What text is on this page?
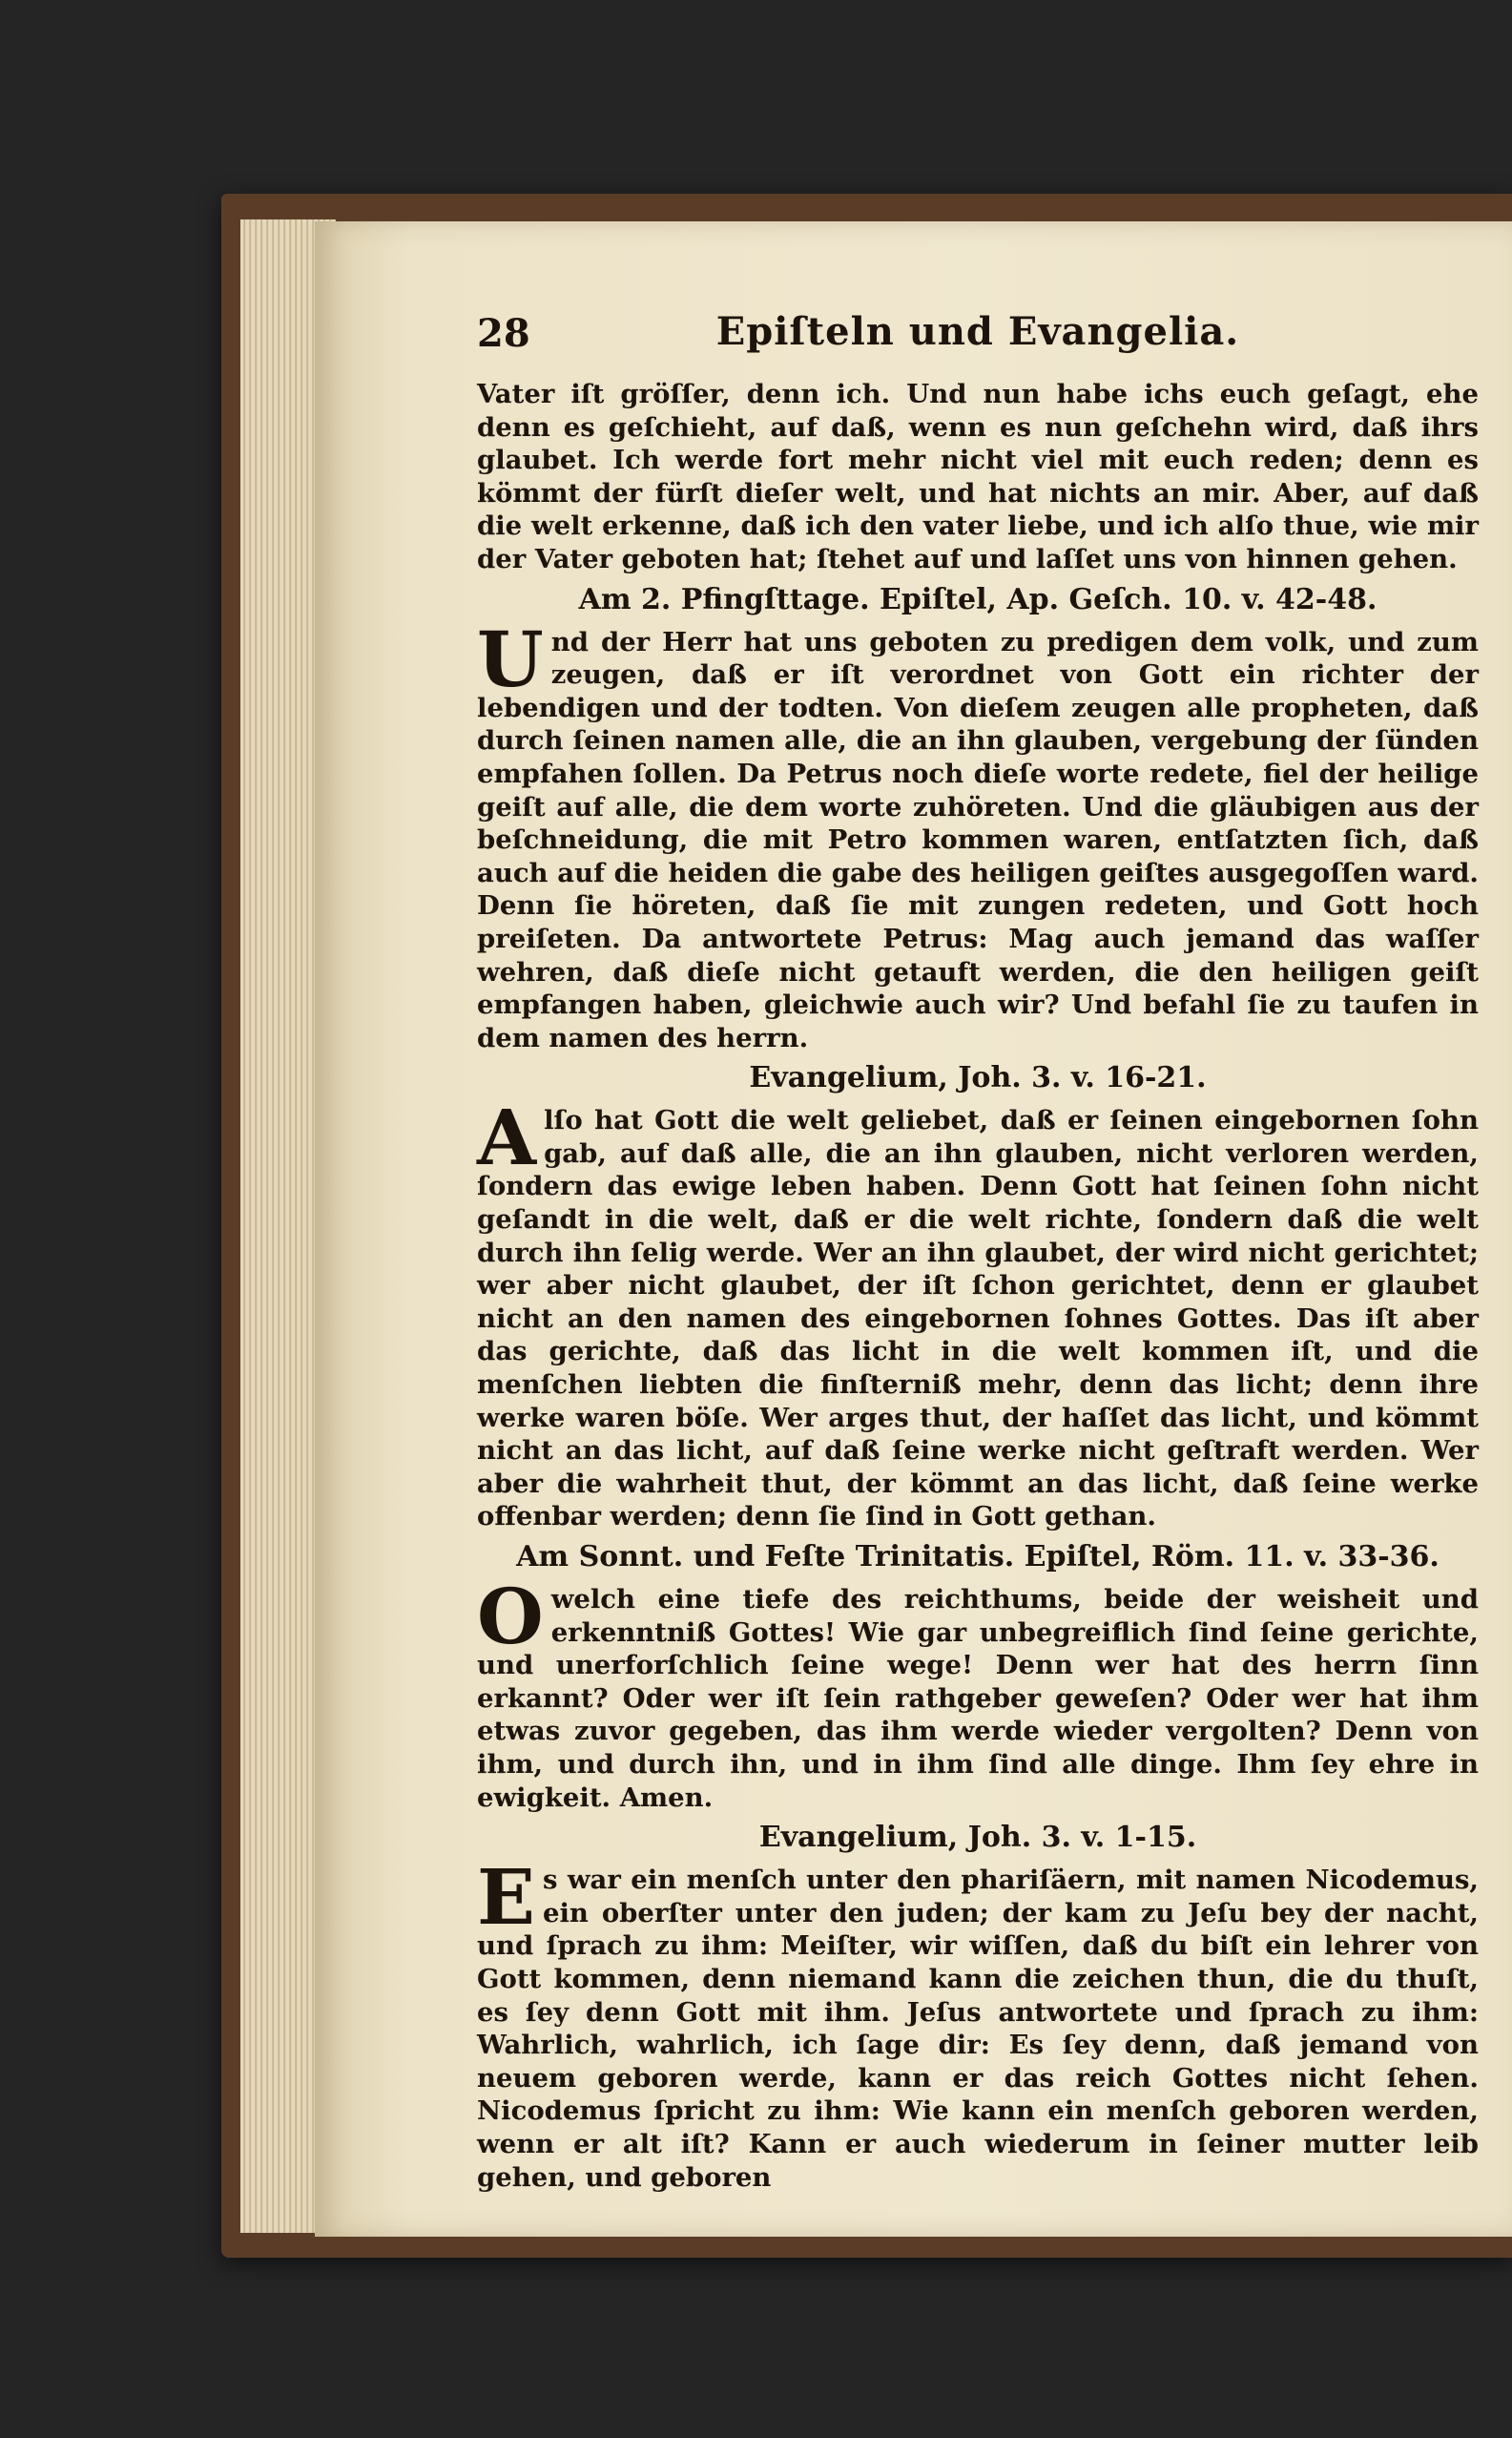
28	Epiſteln und Evangelia.

Vater iſt gröſſer, denn ich. Und nun habe ichs euch geſagt, ehe denn es geſchieht, auf daß, wenn es nun geſchehn wird, daß ihrs glaubet. Ich werde fort mehr nicht viel mit euch reden; denn es kömmt der fürſt dieſer welt, und hat nichts an mir. Aber, auf daß die welt erkenne, daß ich den vater liebe, und ich alſo thue, wie mir der Vater geboten hat; ſtehet auf und laſſet uns von hinnen gehen.

Am 2. Pfingſttage. Epiſtel, Ap. Geſch. 10. v. 42-48.

Und der Herr hat uns geboten zu predigen dem volk, und zum zeugen, daß er iſt verordnet von Gott ein richter der lebendigen und der todten. Von dieſem zeugen alle propheten, daß durch ſeinen namen alle, die an ihn glauben, vergebung der ſünden empfahen ſollen. Da Petrus noch dieſe worte redete, fiel der heilige geiſt auf alle, die dem worte zuhöreten. Und die gläubigen aus der beſchneidung, die mit Petro kommen waren, entſatzten ſich, daß auch auf die heiden die gabe des heiligen geiſtes ausgegoſſen ward. Denn ſie höreten, daß ſie mit zungen redeten, und Gott hoch preiſeten. Da antwortete Petrus: Mag auch jemand das waſſer wehren, daß dieſe nicht getauft werden, die den heiligen geiſt empfangen haben, gleichwie auch wir? Und befahl ſie zu taufen in dem namen des herrn.

Evangelium, Joh. 3. v. 16-21.

Alſo hat Gott die welt geliebet, daß er ſeinen eingebornen ſohn gab, auf daß alle, die an ihn glauben, nicht verloren werden, ſondern das ewige leben haben. Denn Gott hat ſeinen ſohn nicht geſandt in die welt, daß er die welt richte, ſondern daß die welt durch ihn ſelig werde. Wer an ihn glaubet, der wird nicht gerichtet; wer aber nicht glaubet, der iſt ſchon gerichtet, denn er glaubet nicht an den namen des eingebornen ſohnes Gottes. Das iſt aber das gerichte, daß das licht in die welt kommen iſt, und die menſchen liebten die finſterniß mehr, denn das licht; denn ihre werke waren böſe. Wer arges thut, der haſſet das licht, und kömmt nicht an das licht, auf daß ſeine werke nicht geſtraft werden. Wer aber die wahrheit thut, der kömmt an das licht, daß ſeine werke offenbar werden; denn ſie ſind in Gott gethan.

Am Sonnt. und Feſte Trinitatis. Epiſtel, Röm. 11. v. 33-36.

Owelch eine tiefe des reichthums, beide der weisheit und erkenntniß Gottes! Wie gar unbegreiflich ſind ſeine gerichte, und unerforſchlich ſeine wege! Denn wer hat des herrn ſinn erkannt? Oder wer iſt ſein rathgeber geweſen? Oder wer hat ihm etwas zuvor gegeben, das ihm werde wieder vergolten? Denn von ihm, und durch ihn, und in ihm ſind alle dinge. Ihm ſey ehre in ewigkeit. Amen.

Evangelium, Joh. 3. v. 1-15.

Es war ein menſch unter den phariſäern, mit namen Nicodemus, ein oberſter unter den juden; der kam zu Jeſu bey der nacht, und ſprach zu ihm: Meiſter, wir wiſſen, daß du biſt ein lehrer von Gott kommen, denn niemand kann die zeichen thun, die du thuſt, es ſey denn Gott mit ihm. Jeſus antwortete und ſprach zu ihm: Wahrlich, wahrlich, ich ſage dir: Es ſey denn, daß jemand von neuem geboren werde, kann er das reich Gottes nicht ſehen. Nicodemus ſpricht zu ihm: Wie kann ein menſch geboren werden, wenn er alt iſt? Kann er auch wiederum in ſeiner mutter leib gehen, und geboren
